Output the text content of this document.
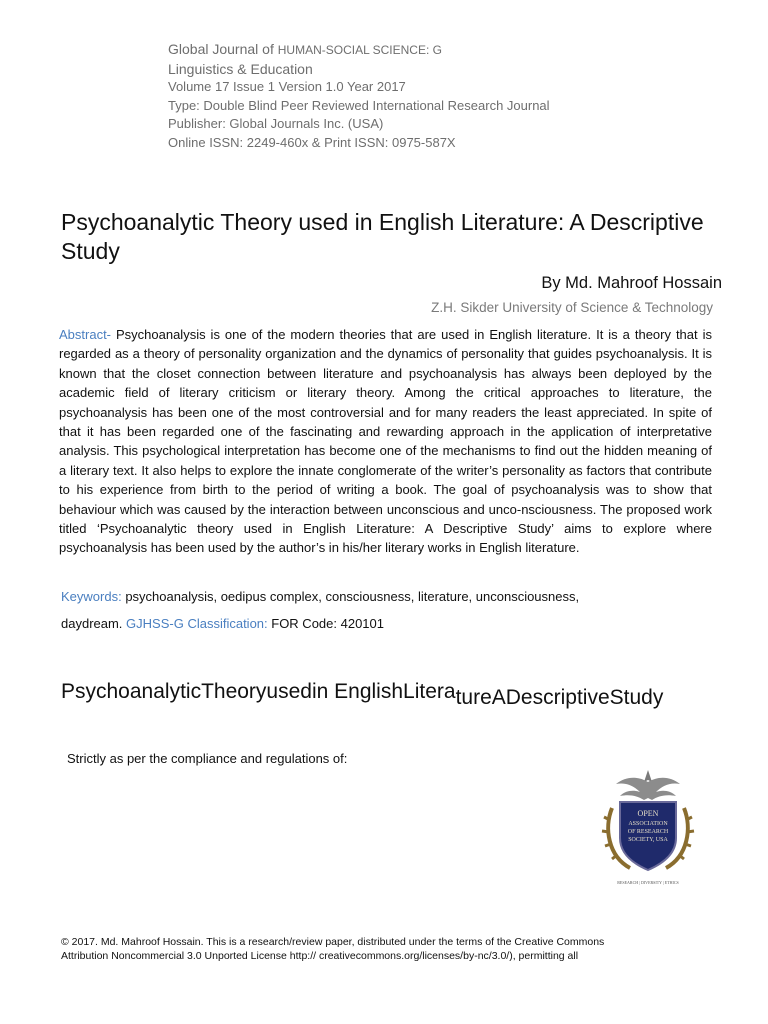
Global Journal of HUMAN-SOCIAL SCIENCE: G
Linguistics & Education
Volume 17 Issue 1 Version 1.0 Year 2017
Type: Double Blind Peer Reviewed International Research Journal
Publisher: Global Journals Inc. (USA)
Online ISSN: 2249-460x & Print ISSN: 0975-587X
Psychoanalytic Theory used in English Literature: A Descriptive Study
By Md. Mahroof Hossain
Z.H. Sikder University of Science & Technology
Abstract- Psychoanalysis is one of the modern theories that are used in English literature. It is a theory that is regarded as a theory of personality organization and the dynamics of personality that guides psychoanalysis. It is known that the closet connection between literature and psychoanalysis has always been deployed by the academic field of literary criticism or literary theory. Among the critical approaches to literature, the psychoanalysis has been one of the most controversial and for many readers the least appreciated. In spite of that it has been regarded one of the fascinating and rewarding approach in the application of interpretative analysis. This psychological interpretation has become one of the mechanisms to find out the hidden meaning of a literary text. It also helps to explore the innate conglomerate of the writer’s personality as factors that contribute to his experience from birth to the period of writing a book. The goal of psychoanalysis was to show that behaviour which was caused by the interaction between unconscious and unco-nsciousness. The proposed work titled ‘Psychoanalytic theory used in English Literature: A Descriptive Study’ aims to explore where psychoanalysis has been used by the author’s in his/her literary works in English literature.
Keywords: psychoanalysis, oedipus complex, consciousness, literature, unconsciousness,
daydream. GJHSS-G Classification: FOR Code: 420101
PsychoanalyticTheoryusedin EnglishLiteratureADescriptiveStudy
Strictly as per the compliance and regulations of:
OPEN
ASSOCIATION
OF RESEARCH
SOCIETY, USA
RESEARCH | DIVERSITY | ETHICS
© 2017. Md. Mahroof Hossain. This is a research/review paper, distributed under the terms of the Creative Commons
Attribution Noncommercial 3.0 Unported License http:// creativecommons.org/licenses/by-nc/3.0/), permitting all
